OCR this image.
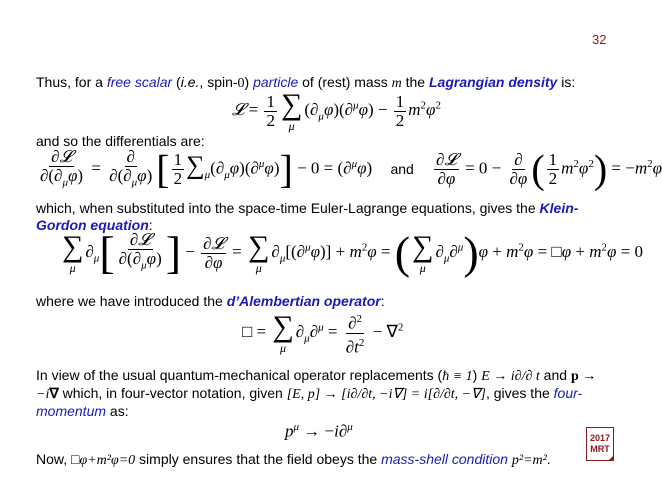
32
Thus, for a free scalar (i.e., spin-0) particle of (rest) mass m the Lagrangian density is:
𝓛 = $\frac{1}{2}$ ∑
μ
$(\partial_\mu\varphi)(\partial^\mu\varphi) - \frac{1}{2} m^2\varphi^2$
and so the differentials are:
$\frac{\text{∂𝓛}}{\partial(\partial_\mu\varphi)} = \frac{\partial}{\partial(\partial_\mu\varphi)}$ [ $\frac{1}{2} \sum_\mu(\partial_\mu\varphi)(\partial^\mu\varphi)] - 0 = (\partial^\mu\varphi)$ and $\frac{\text{∂𝓛}}{\partial\varphi} = 0 - \frac{\partial}{\partial\varphi}$ ( $\frac{1}{2} m^2\varphi^2) = -m^2\varphi$
which, when substituted into the space-time Euler-Lagrange equations, gives the Klein-
Gordon equation:
∑
μ
$\partial_\mu[ \frac{\text{∂𝓛}}{\partial(\partial_\mu\varphi)}$ ] − $\frac{\text{∂𝓛}}{\partial\varphi}$ = ∑
μ
$\partial_\mu[(\partial^\mu\varphi)] + m^2\varphi$ = ( ∑
μ
$\partial_\mu\partial^\mu)\varphi + m^2\varphi$ = □φ + $m^2\varphi = 0$
where we have introduced the d’Alembertian operator:
□ = ∑
μ
$\partial_\mu\partial^\mu = \frac{\partial^2}{\partial t^2} - \nabla^2$
In view of the usual quantum-mechanical operator replacements (ħ ≡ 1) E → i∂/∂ t and p →
−i∇ which, in four-vector notation, given [E, p] → [i∂/∂t, −i∇] = i[∂/∂t, −∇], gives the four-
momentum as:
$p^\mu \to -i\partial^\mu$
Now, □φ+m²φ=0 simply ensures that the field obeys the mass-shell condition p²=m².
2017
MRT
